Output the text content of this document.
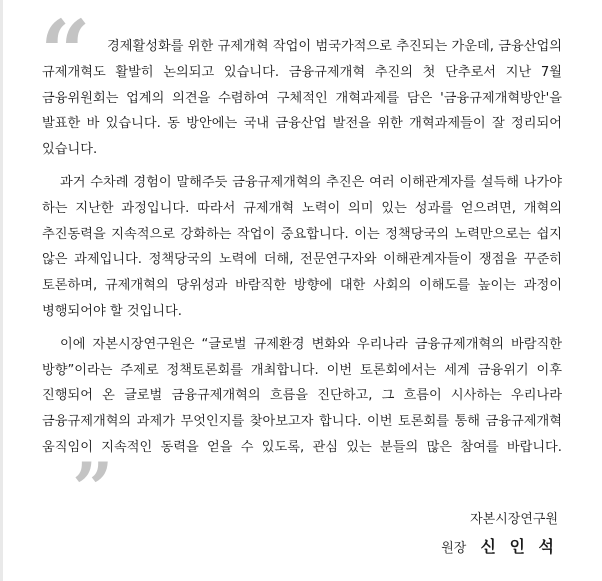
“	경제활성화를 위한 규제개혁 작업이 범국가적으로 추진되는 가운데, 금융산업의 규제개혁도 활발히 논의되고 있습니다. 금융규제개혁 추진의 첫 단추로서 지난 7월 금융위원회는 업계의 의견을 수렴하여 구체적인 개혁과제를 담은 '금융규제개혁방안'을 발표한 바 있습니다. 동 방안에는 국내 금융산업 발전을 위한 개혁과제들이 잘 정리되어 있습니다.

과거 수차례 경험이 말해주듯 금융규제개혁의 추진은 여러 이해관계자를 설득해 나가야 하는 지난한 과정입니다. 따라서 규제개혁 노력이 의미 있는 성과를 얻으려면, 개혁의 추진동력을 지속적으로 강화하는 작업이 중요합니다. 이는 정책당국의 노력만으로는 쉽지 않은 과제입니다. 정책당국의 노력에 더해, 전문연구자와 이해관계자들이 쟁점을 꾸준히 토론하며, 규제개혁의 당위성과 바람직한 방향에 대한 사회의 이해도를 높이는 과정이 병행되어야 할 것입니다.

이에 자본시장연구원은 “글로벌 규제환경 변화와 우리나라 금융규제개혁의 바람직한 방향”이라는 주제로 정책토론회를 개최합니다. 이번 토론회에서는 세계 금융위기 이후 진행되어 온 글로벌 금융규제개혁의 흐름을 진단하고, 그 흐름이 시사하는 우리나라 금융규제개혁의 과제가 무엇인지를 찾아보고자 합니다. 이번 토론회를 통해 금융규제개혁 움직임이 지속적인 동력을 얻을 수 있도록, 관심 있는 분들의 많은 참여를 바랍니다.”	자본시장연구원
원장 신 인 석
